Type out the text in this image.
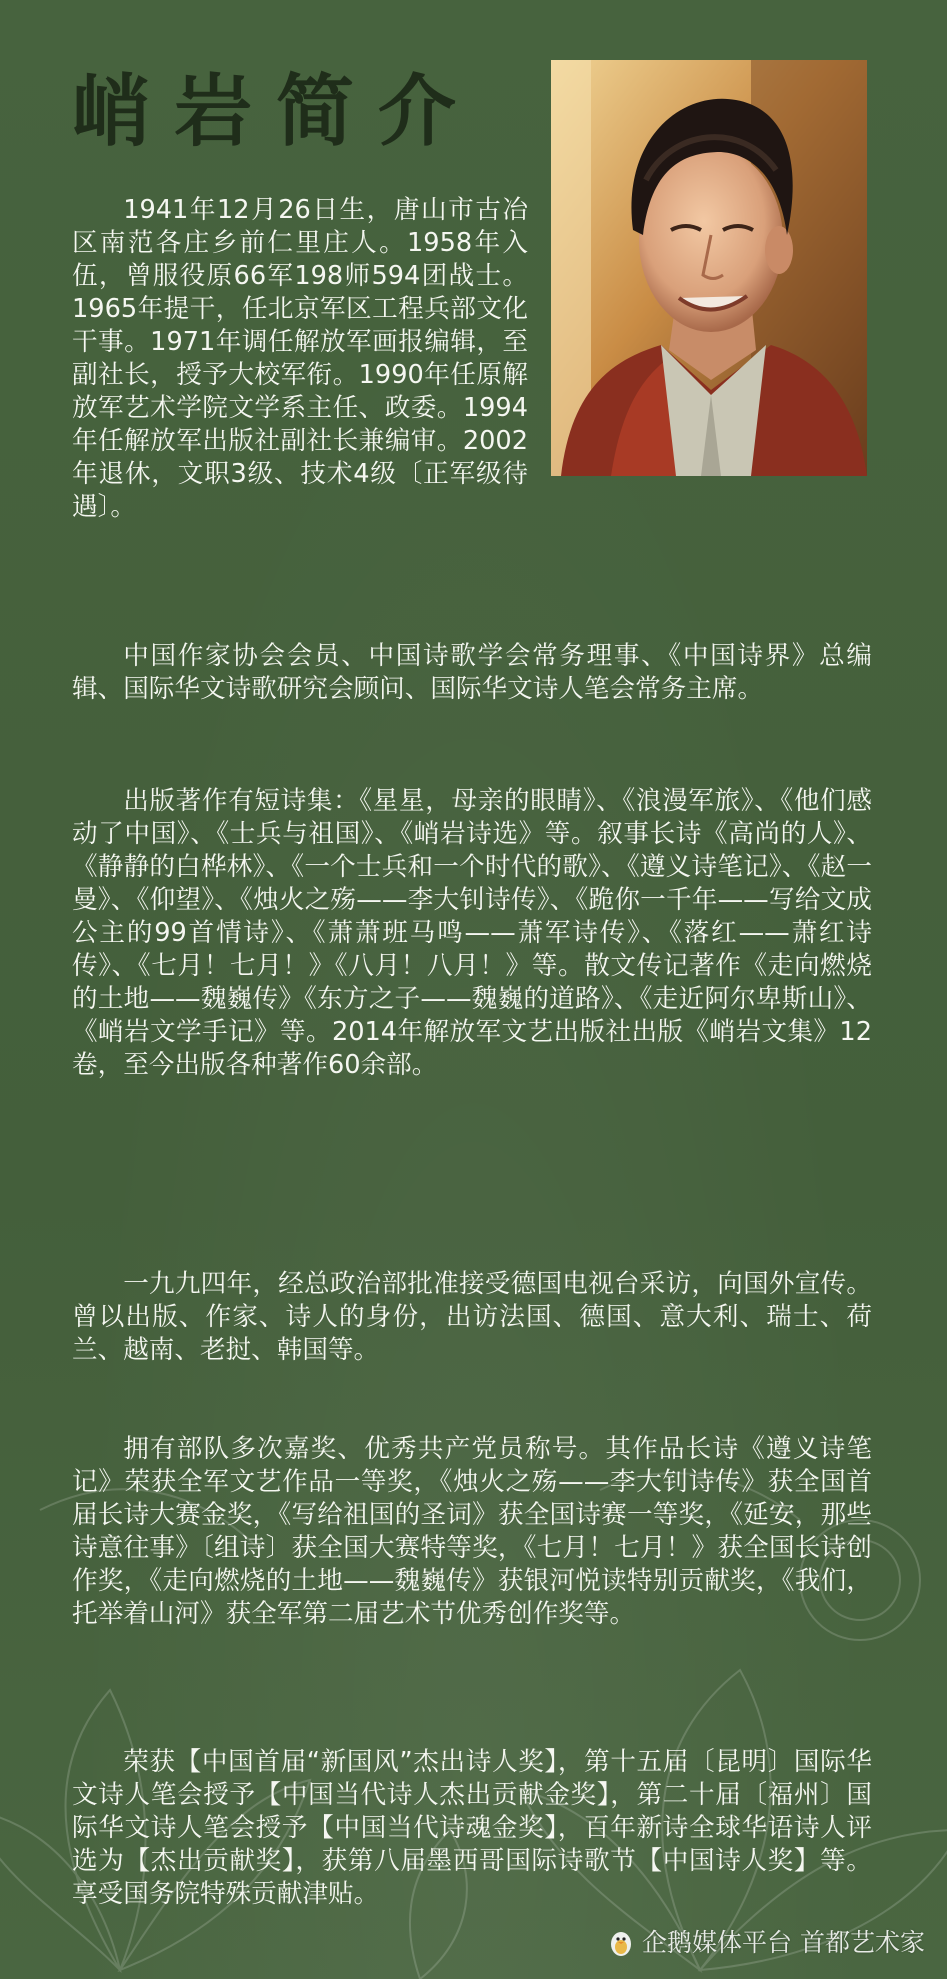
峭岩简介

1941年12月26日生，唐山市古冶区南范各庄乡前仁里庄人。1958年入伍，曾服役原66军198师594团战士。1965年提干，任北京军区工程兵部文化干事。1971年调任解放军画报编辑，至副社长，授予大校军衔。1990年任原解放军艺术学院文学系主任、政委。1994年任解放军出版社副社长兼编审。2002年退休，文职3级、技术4级〔正军级待遇〕。

中国作家协会会员、中国诗歌学会常务理事、《中国诗界》总编辑、国际华文诗歌研究会顾问、国际华文诗人笔会常务主席。

出版著作有短诗集：《星星，母亲的眼睛》、《浪漫军旅》、《他们感动了中国》、《士兵与祖国》、《峭岩诗选》等。叙事长诗《高尚的人》、《静静的白桦林》、《一个士兵和一个时代的歌》、《遵义诗笔记》、《赵一曼》、《仰望》、《烛火之殇——李大钊诗传》、《跪你一千年——写给文成公主的99首情诗》、《萧萧班马鸣——萧军诗传》、《落红——萧红诗传》、《七月！七月！》《八月！八月！》等。散文传记著作《走向燃烧的土地——魏巍传》《东方之子——魏巍的道路》、《走近阿尔卑斯山》、《峭岩文学手记》等。2014年解放军文艺出版社出版《峭岩文集》12卷，至今出版各种著作60余部。

一九九四年，经总政治部批准接受德国电视台采访，向国外宣传。曾以出版、作家、诗人的身份，出访法国、德国、意大利、瑞士、荷兰、越南、老挝、韩国等。

拥有部队多次嘉奖、优秀共产党员称号。其作品长诗《遵义诗笔记》荣获全军文艺作品一等奖，《烛火之殇——李大钊诗传》获全国首届长诗大赛金奖，《写给祖国的圣词》获全国诗赛一等奖，《延安，那些诗意往事》〔组诗〕获全国大赛特等奖，《七月！七月！》获全国长诗创作奖，《走向燃烧的土地——魏巍传》获银河悦读特别贡献奖，《我们，托举着山河》获全军第二届艺术节优秀创作奖等。

荣获【中国首届“新国风”杰出诗人奖】，第十五届〔昆明〕国际华文诗人笔会授予【中国当代诗人杰出贡献金奖】，第二十届〔福州〕国际华文诗人笔会授予【中国当代诗魂金奖】，百年新诗全球华语诗人评选为【杰出贡献奖】，获第八届墨西哥国际诗歌节【中国诗人奖】等。享受国务院特殊贡献津贴。

企鹅媒体平台 首都艺术家
